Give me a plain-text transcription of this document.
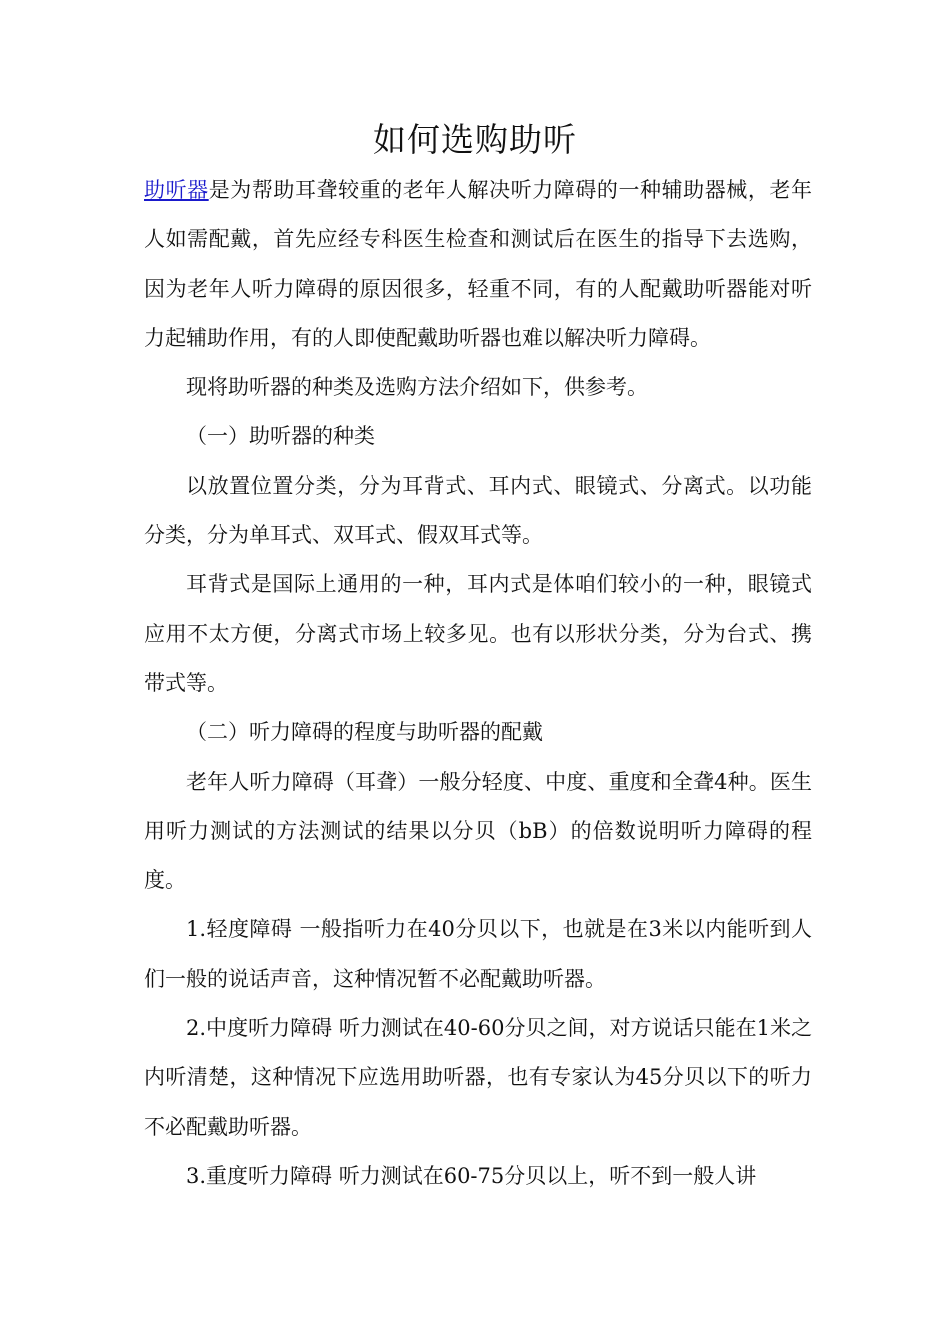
如何选购助听

助听器是为帮助耳聋较重的老年人解决听力障碍的一种辅助器械，老年人如需配戴，首先应经专科医生检查和测试后在医生的指导下去选购，因为老年人听力障碍的原因很多，轻重不同，有的人配戴助听器能对听力起辅助作用，有的人即使配戴助听器也难以解决听力障碍。

现将助听器的种类及选购方法介绍如下，供参考。

（一）助听器的种类

以放置位置分类，分为耳背式、耳内式、眼镜式、分离式。以功能分类，分为单耳式、双耳式、假双耳式等。

耳背式是国际上通用的一种，耳内式是体咱们较小的一种，眼镜式应用不太方便，分离式市场上较多见。也有以形状分类，分为台式、携带式等。

（二）听力障碍的程度与助听器的配戴

老年人听力障碍（耳聋）一般分轻度、中度、重度和全聋4种。医生用听力测试的方法测试的结果以分贝（bB）的倍数说明听力障碍的程度。

1.轻度障碍 一般指听力在40分贝以下，也就是在3米以内能听到人们一般的说话声音，这种情况暂不必配戴助听器。

2.中度听力障碍 听力测试在40-60分贝之间，对方说话只能在1米之内听清楚，这种情况下应选用助听器，也有专家认为45分贝以下的听力不必配戴助听器。

3.重度听力障碍 听力测试在60-75分贝以上，听不到一般人讲
